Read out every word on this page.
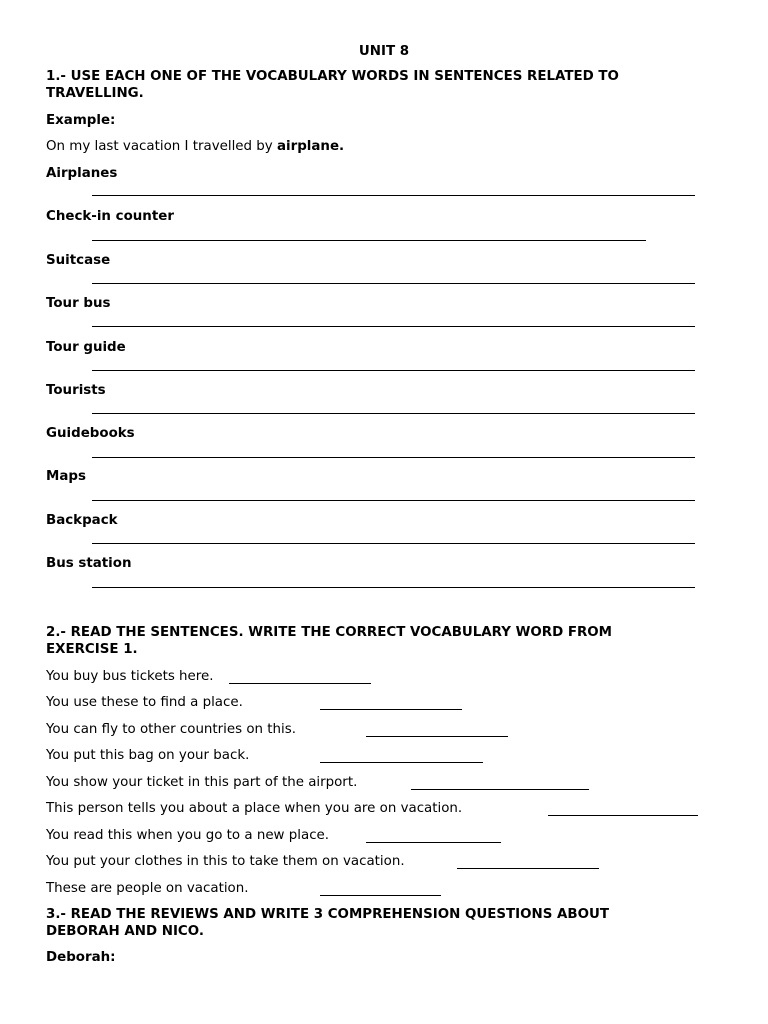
UNIT 8
1.- USE EACH ONE OF THE VOCABULARY WORDS IN SENTENCES RELATED TO TRAVELLING.
Example:
On my last vacation I travelled by airplane.
Airplanes
Check-in counter
Suitcase
Tour bus
Tour guide
Tourists
Guidebooks
Maps
Backpack
Bus station
2.- READ THE SENTENCES. WRITE THE CORRECT VOCABULARY WORD FROM EXERCISE 1.
You buy bus tickets here.
You use these to find a place.
You can fly to other countries on this.
You put this bag on your back.
You show your ticket in this part of the airport.
This person tells you about a place when you are on vacation.
You read this when you go to a new place.
You put your clothes in this to take them on vacation.
These are people on vacation.
3.- READ THE REVIEWS AND WRITE 3 COMPREHENSION QUESTIONS ABOUT DEBORAH AND NICO.
Deborah:
